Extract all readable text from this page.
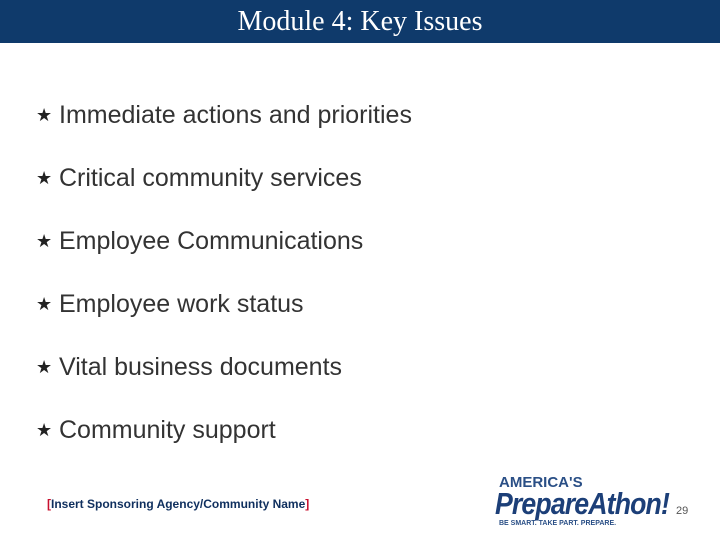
Module 4: Key Issues
★ Immediate actions and priorities
★ Critical community services
★ Employee Communications
★ Employee work status
★ Vital business documents
★ Community support
[Insert Sponsoring Agency/Community Name]
AMERICA'S
PrepareAthon!
BE SMART. TAKE PART. PREPARE.
29
